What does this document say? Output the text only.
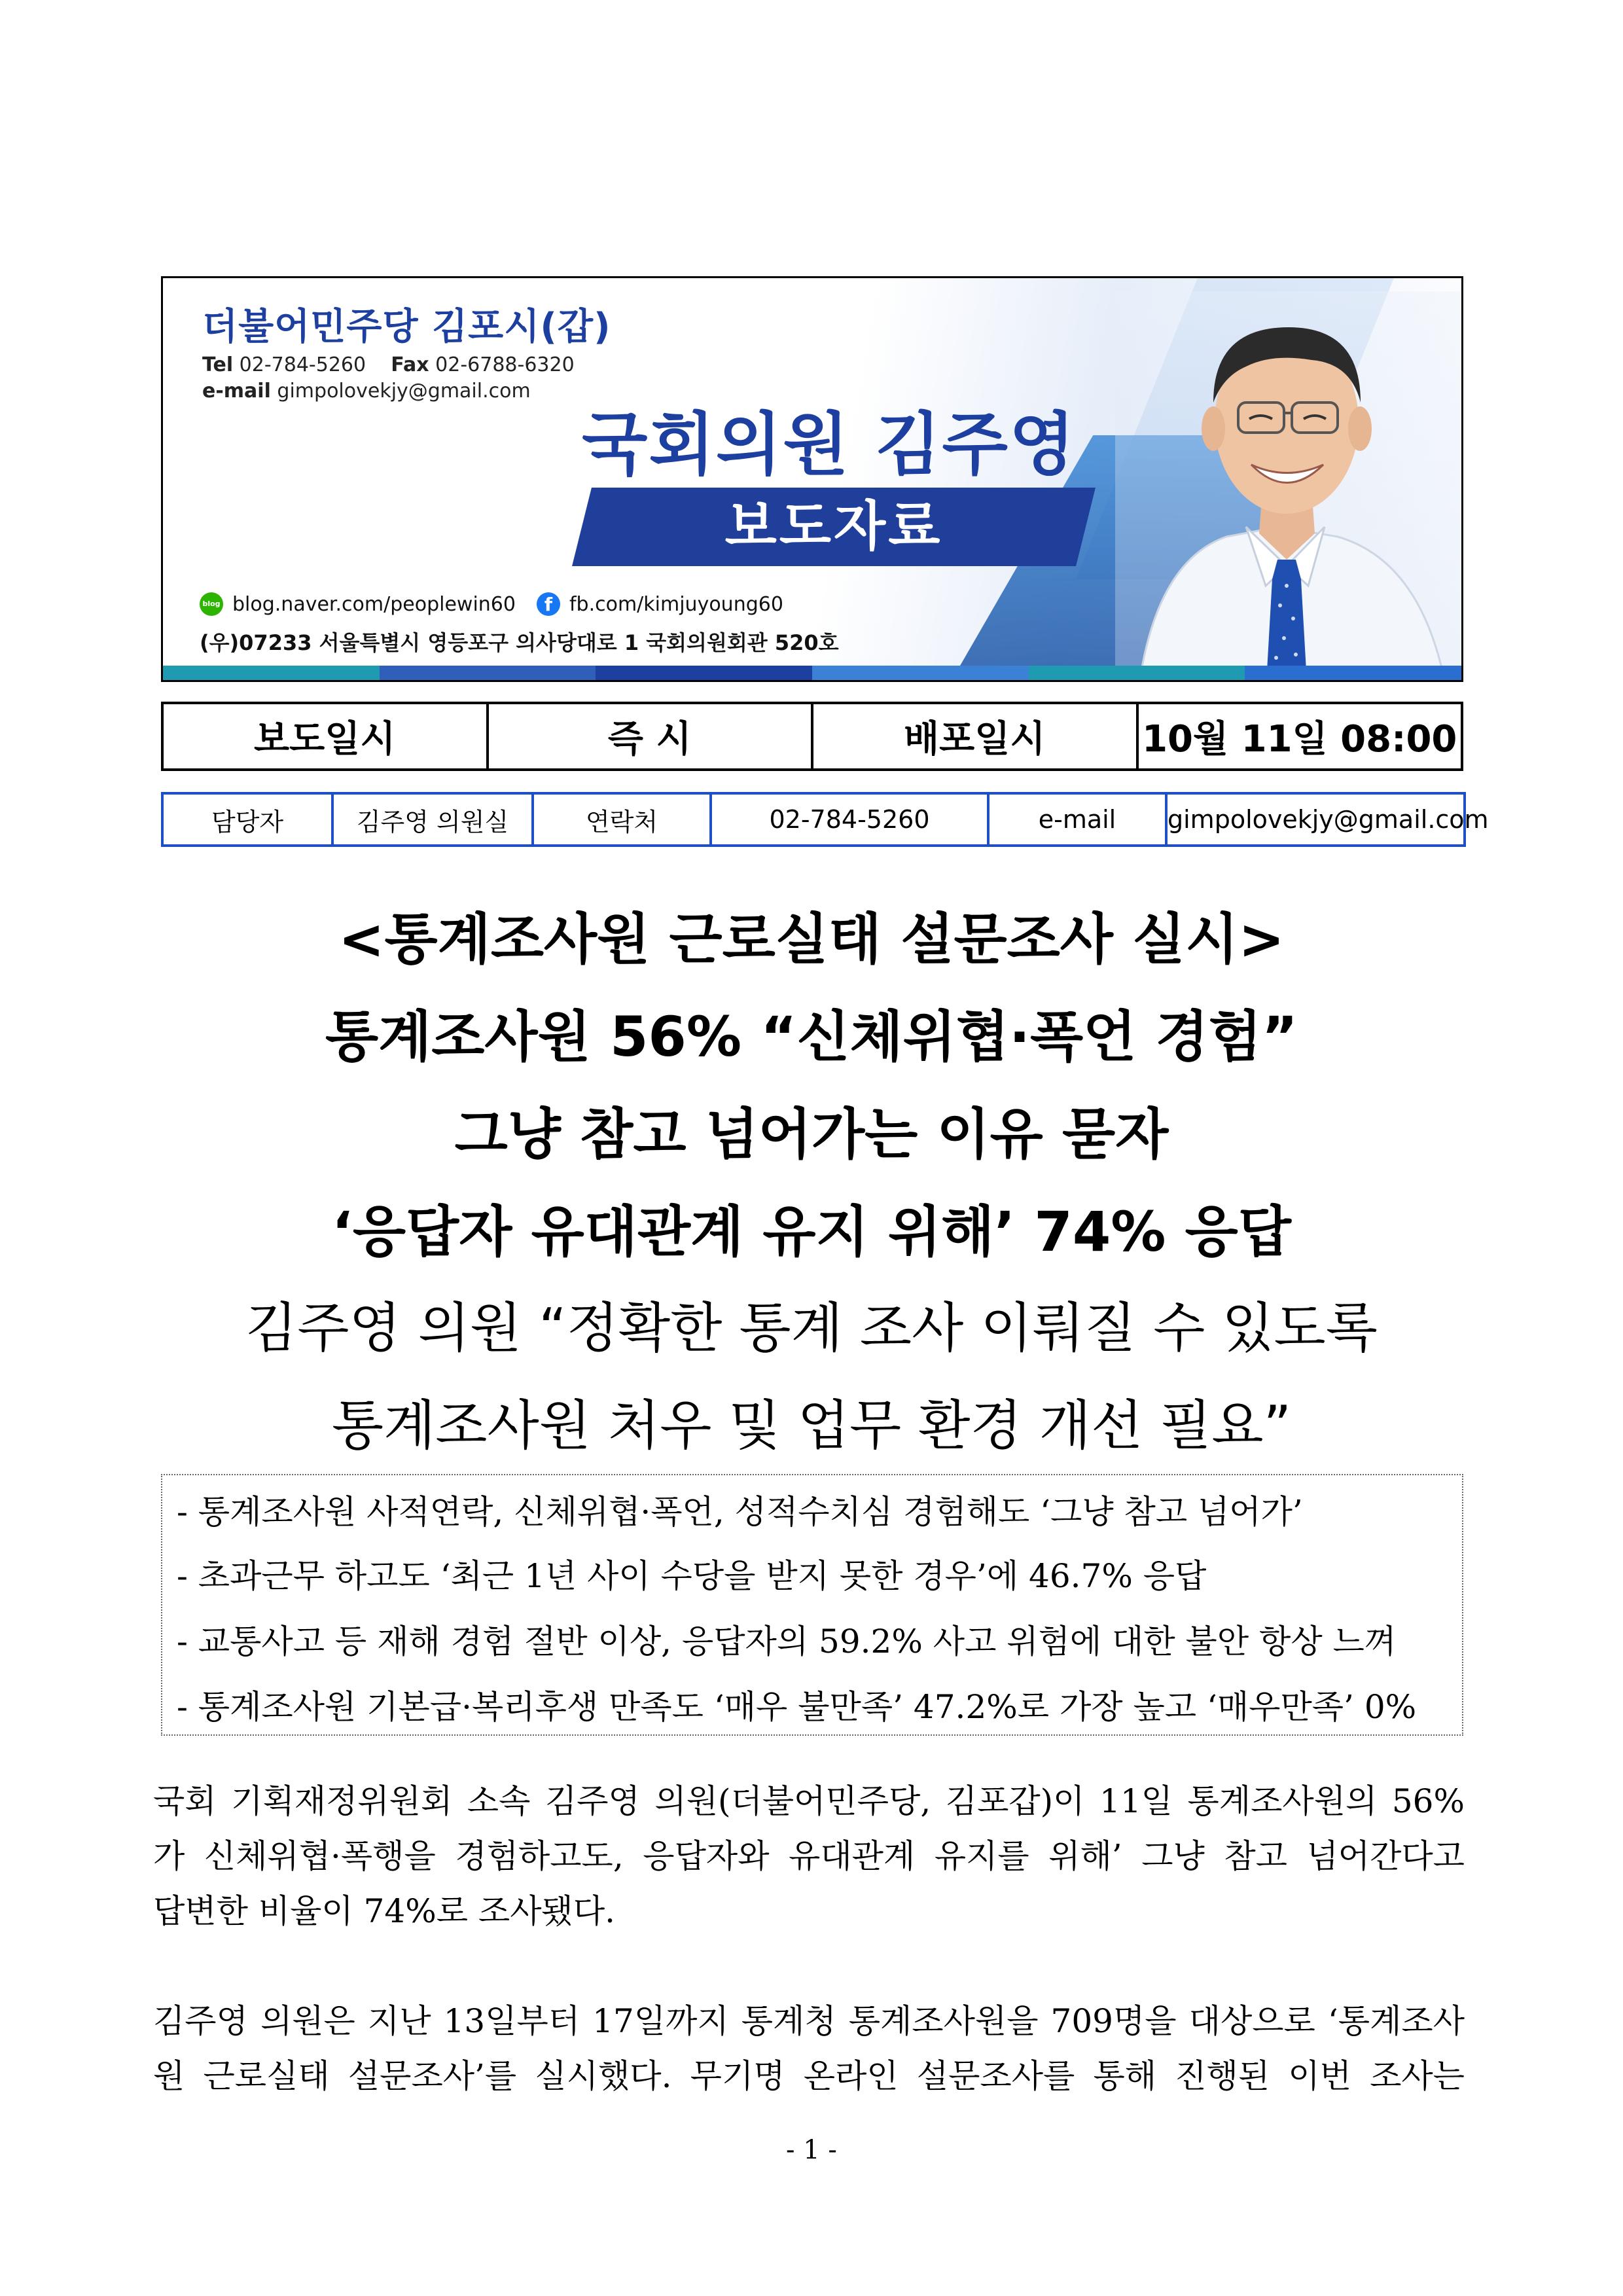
더불어민주당 김포시(갑)
Tel 02-784-5260 Fax 02-6788-6320
e-mail gimpolovekjy@gmail.com
국회의원 김주영
보도자료
blog blog.naver.com/peoplewin60	f fb.com/kimjuyoung60
(우)07233 서울특별시 영등포구 의사당대로 1 국회의원회관 520호
보도일시	즉 시	배포일시	10월 11일 08:00
담당자	김주영 의원실	연락처	02-784-5260	e-mail	gimpolovekjy@gmail.com
<통계조사원 근로실태 설문조사 실시>
통계조사원 56% “신체위협·폭언 경험”
그냥 참고 넘어가는 이유 묻자
‘응답자 유대관계 유지 위해’ 74% 응답
김주영 의원 “정확한 통계 조사 이뤄질 수 있도록
통계조사원 처우 및 업무 환경 개선 필요”
- 통계조사원 사적연락, 신체위협·폭언, 성적수치심 경험해도 ‘그냥 참고 넘어가’
- 초과근무 하고도 ‘최근 1년 사이 수당을 받지 못한 경우’에 46.7% 응답
- 교통사고 등 재해 경험 절반 이상, 응답자의 59.2% 사고 위험에 대한 불안 항상 느껴
- 통계조사원 기본급·복리후생 만족도 ‘매우 불만족’ 47.2%로 가장 높고 ‘매우만족’ 0%
국회 기획재정위원회 소속 김주영 의원(더불어민주당, 김포갑)이 11일 통계조사원의 56%
가 신체위협·폭행을 경험하고도, 응답자와 유대관계 유지를 위해’ 그냥 참고 넘어간다고
답변한 비율이 74%로 조사됐다.
김주영 의원은 지난 13일부터 17일까지 통계청 통계조사원을 709명을 대상으로 ‘통계조사
원 근로실태 설문조사’를 실시했다. 무기명 온라인 설문조사를 통해 진행된 이번 조사는
- 1 -
